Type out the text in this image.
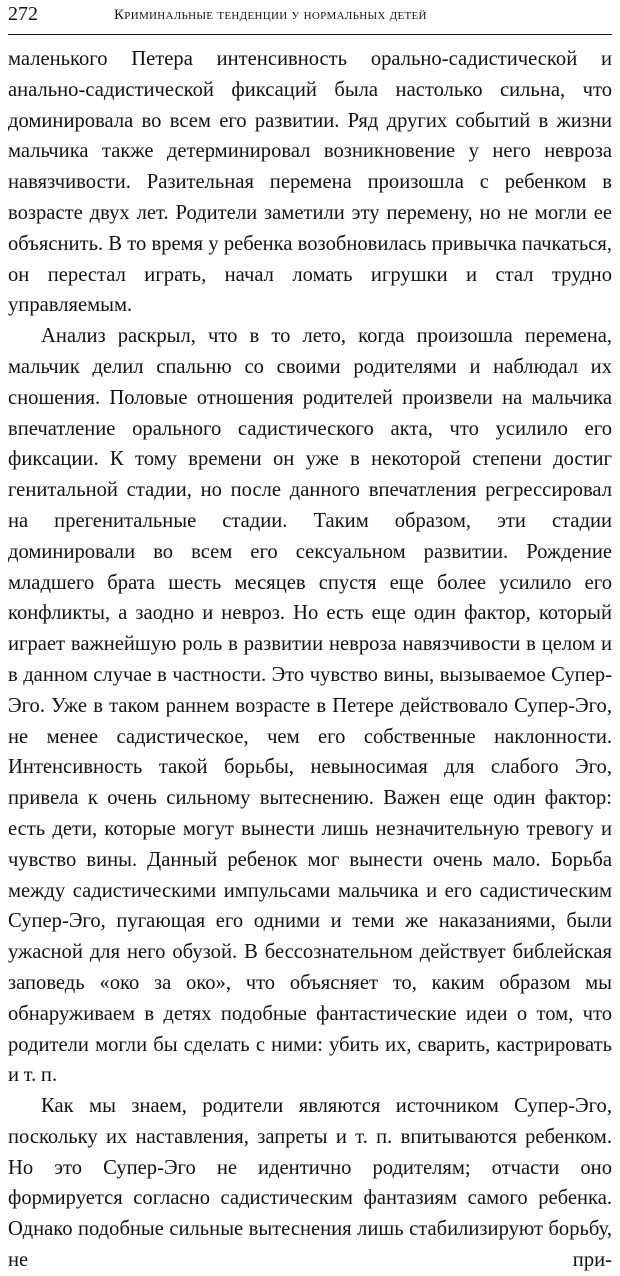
272	Криминальные тенденции у нормальных детей

маленького Петера интенсивность орально-садистической и анально-садистической фиксаций была настолько сильна, что доминировала во всем его развитии. Ряд других событий в жизни мальчика также детерминировал возникновение у него невроза навязчивости. Разительная перемена произошла с ребенком в возрасте двух лет. Родители заметили эту перемену, но не могли ее объяснить. В то время у ребенка возобновилась привычка пачкаться, он перестал играть, начал ломать игрушки и стал трудно управляемым.

Анализ раскрыл, что в то лето, когда произошла перемена, мальчик делил спальню со своими родителями и наблюдал их сношения. Половые отношения родителей произвели на мальчика впечатление орального садистического акта, что усилило его фиксации. К тому времени он уже в некоторой степени достиг генитальной стадии, но после данного впечатления регрессировал на прегенитальные стадии. Таким образом, эти стадии доминировали во всем его сексуальном развитии. Рождение младшего брата шесть месяцев спустя еще более усилило его конфликты, а заодно и невроз. Но есть еще один фактор, который играет важнейшую роль в развитии невроза навязчивости в целом и в данном случае в частности. Это чувство вины, вызываемое Супер-Эго. Уже в таком раннем возрасте в Петере действовало Супер-Эго, не менее садистическое, чем его собственные наклонности. Интенсивность такой борьбы, невыносимая для слабого Эго, привела к очень сильному вытеснению. Важен еще один фактор: есть дети, которые могут вынести лишь незначительную тревогу и чувство вины. Данный ребенок мог вынести очень мало. Борьба между садистическими импульсами мальчика и его садистическим Супер-Эго, пугающая его одними и теми же наказаниями, были ужасной для него обузой. В бессознательном действует библейская заповедь «око за око», что объясняет то, каким образом мы обнаруживаем в детях подобные фантастические идеи о том, что родители могли бы сделать с ними: убить их, сварить, кастрировать и т. п.

Как мы знаем, родители являются источником Супер-Эго, поскольку их наставления, запреты и т. п. впитываются ребенком. Но это Супер-Эго не идентично родителям; отчасти оно формируется согласно садистическим фантазиям самого ребенка. Однако подобные сильные вытеснения лишь стабилизируют борьбу, не при-
